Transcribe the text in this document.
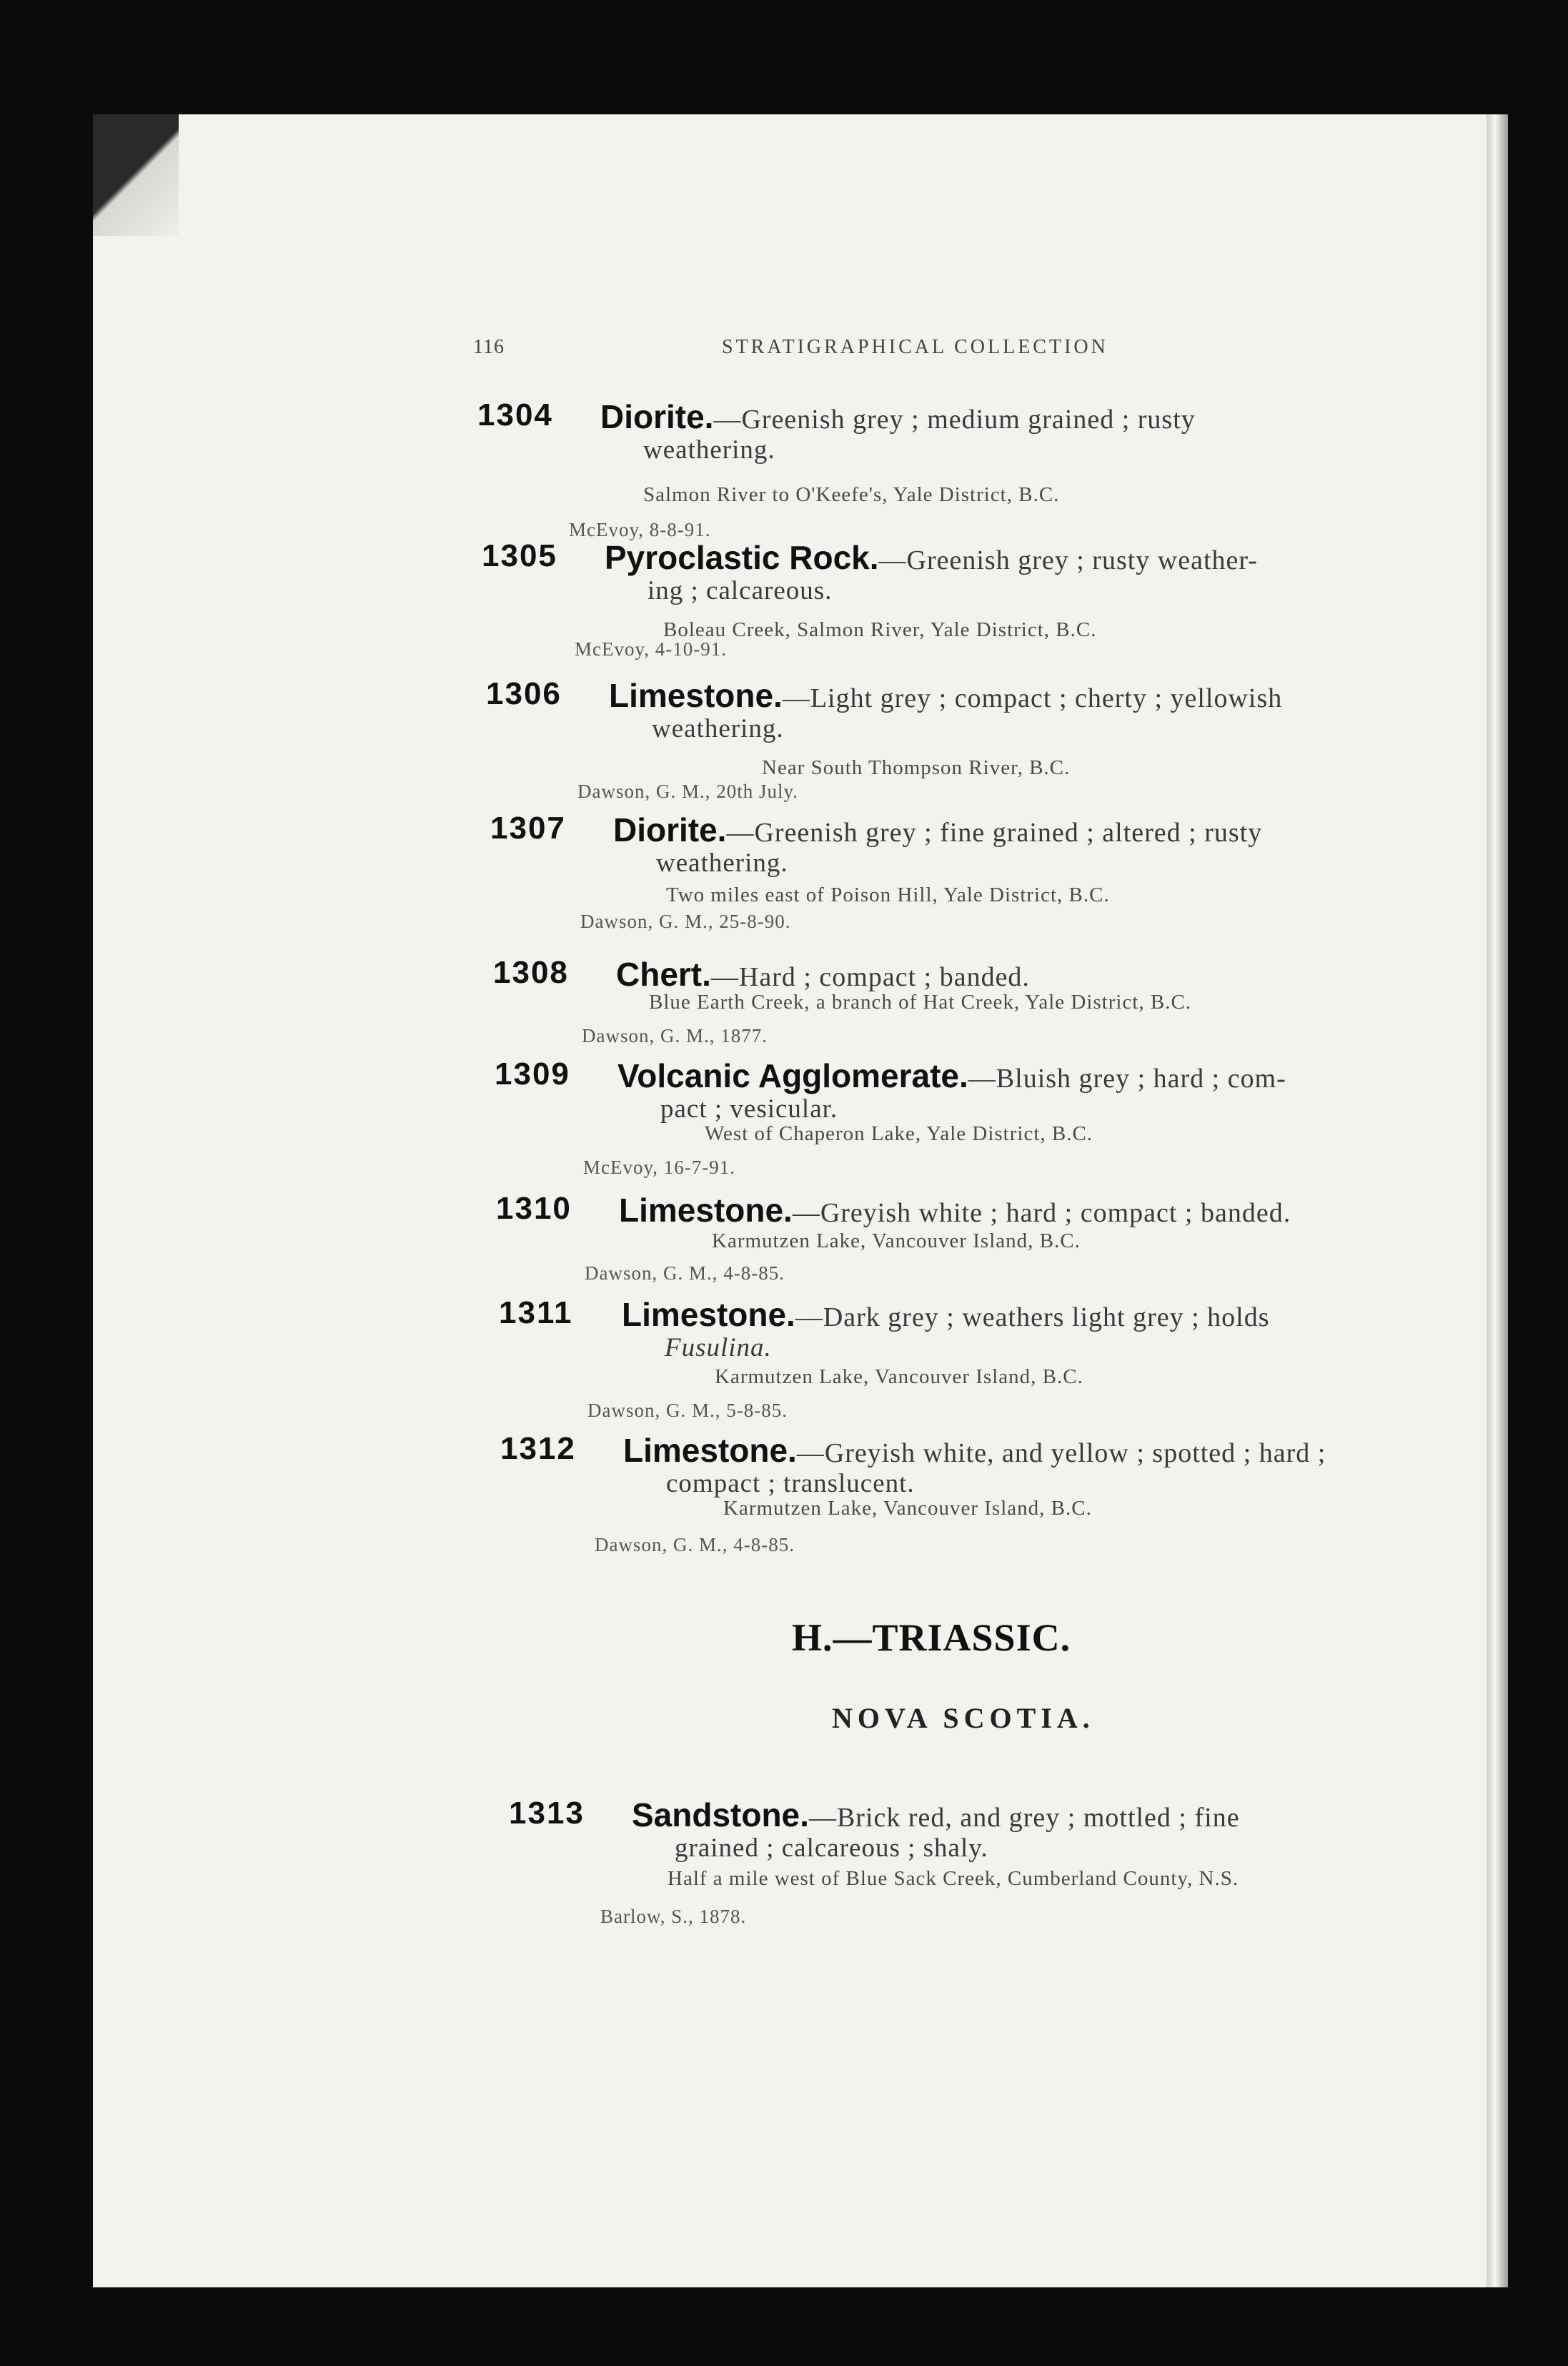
116	STRATIGRAPHICAL COLLECTION
1304 Diorite.—Greenish grey ; medium grained ; rusty
weathering.
Salmon River to O'Keefe's, Yale District, B.C.
McEvoy, 8-8-91.
1305 Pyroclastic Rock.—Greenish grey ; rusty weather-
ing ; calcareous.
Boleau Creek, Salmon River, Yale District, B.C.
McEvoy, 4-10-91.
1306 Limestone.—Light grey ; compact ; cherty ; yellowish
weathering.
Near South Thompson River, B.C.
Dawson, G. M., 20th July.
1307 Diorite.—Greenish grey ; fine grained ; altered ; rusty
weathering.
Two miles east of Poison Hill, Yale District, B.C.
Dawson, G. M., 25-8-90.
1308 Chert.—Hard ; compact ; banded.
Blue Earth Creek, a branch of Hat Creek, Yale District, B.C.
Dawson, G. M., 1877.
1309 Volcanic Agglomerate.—Bluish grey ; hard ; com-
pact ; vesicular.
West of Chaperon Lake, Yale District, B.C.
McEvoy, 16-7-91.
1310 Limestone.—Greyish white ; hard ; compact ; banded.
Karmutzen Lake, Vancouver Island, B.C.
Dawson, G. M., 4-8-85.
1311 Limestone.—Dark grey ; weathers light grey ; holds
Fusulina.
Karmutzen Lake, Vancouver Island, B.C.
Dawson, G. M., 5-8-85.
1312 Limestone.—Greyish white, and yellow ; spotted ; hard ;
compact ; translucent.
Karmutzen Lake, Vancouver Island, B.C.
Dawson, G. M., 4-8-85.
H.—TRIASSIC.
NOVA SCOTIA.
1313 Sandstone.—Brick red, and grey ; mottled ; fine
grained ; calcareous ; shaly.
Half a mile west of Blue Sack Creek, Cumberland County, N.S.
Barlow, S., 1878.
